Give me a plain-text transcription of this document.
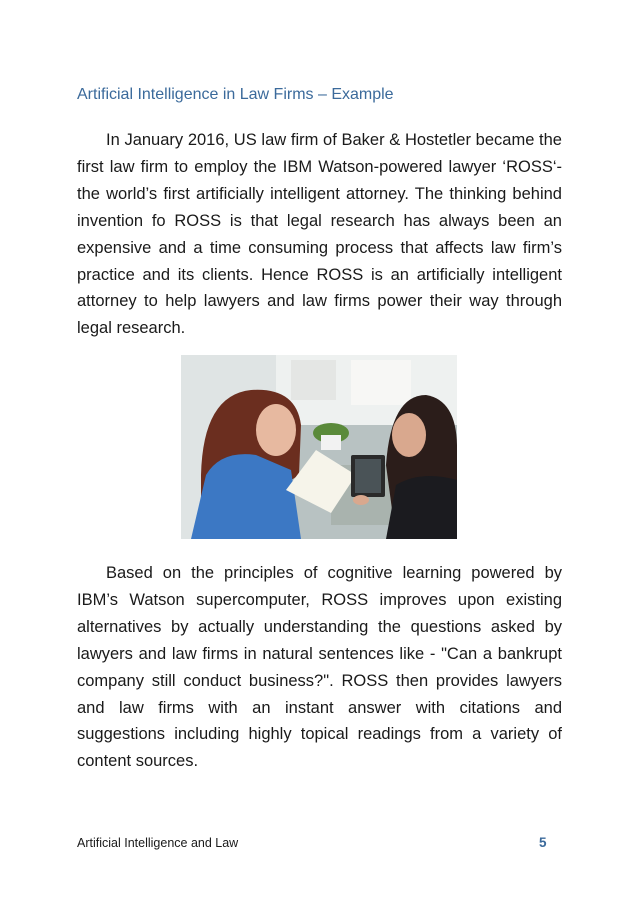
Artificial Intelligence in Law Firms – Example

In January 2016, US law firm of Baker & Hostetler became the first law firm to employ the IBM Watson-powered lawyer ‘ROSS‘- the world’s first artificially intelligent attorney. The thinking behind invention fo ROSS is that legal research has always been an expensive and a time consuming process that affects law firm’s practice and its clients. Hence ROSS is an artificially intelligent attorney to help lawyers and law firms power their way through legal research.

Based on the principles of cognitive learning powered by IBM’s Watson supercomputer, ROSS improves upon existing alternatives by actually understanding the questions asked by lawyers and law firms in natural sentences like - "Can a bankrupt company still conduct business?". ROSS then provides lawyers and law firms with an instant answer with citations and suggestions including highly topical readings from a variety of content sources.

Artificial Intelligence and Law	5
